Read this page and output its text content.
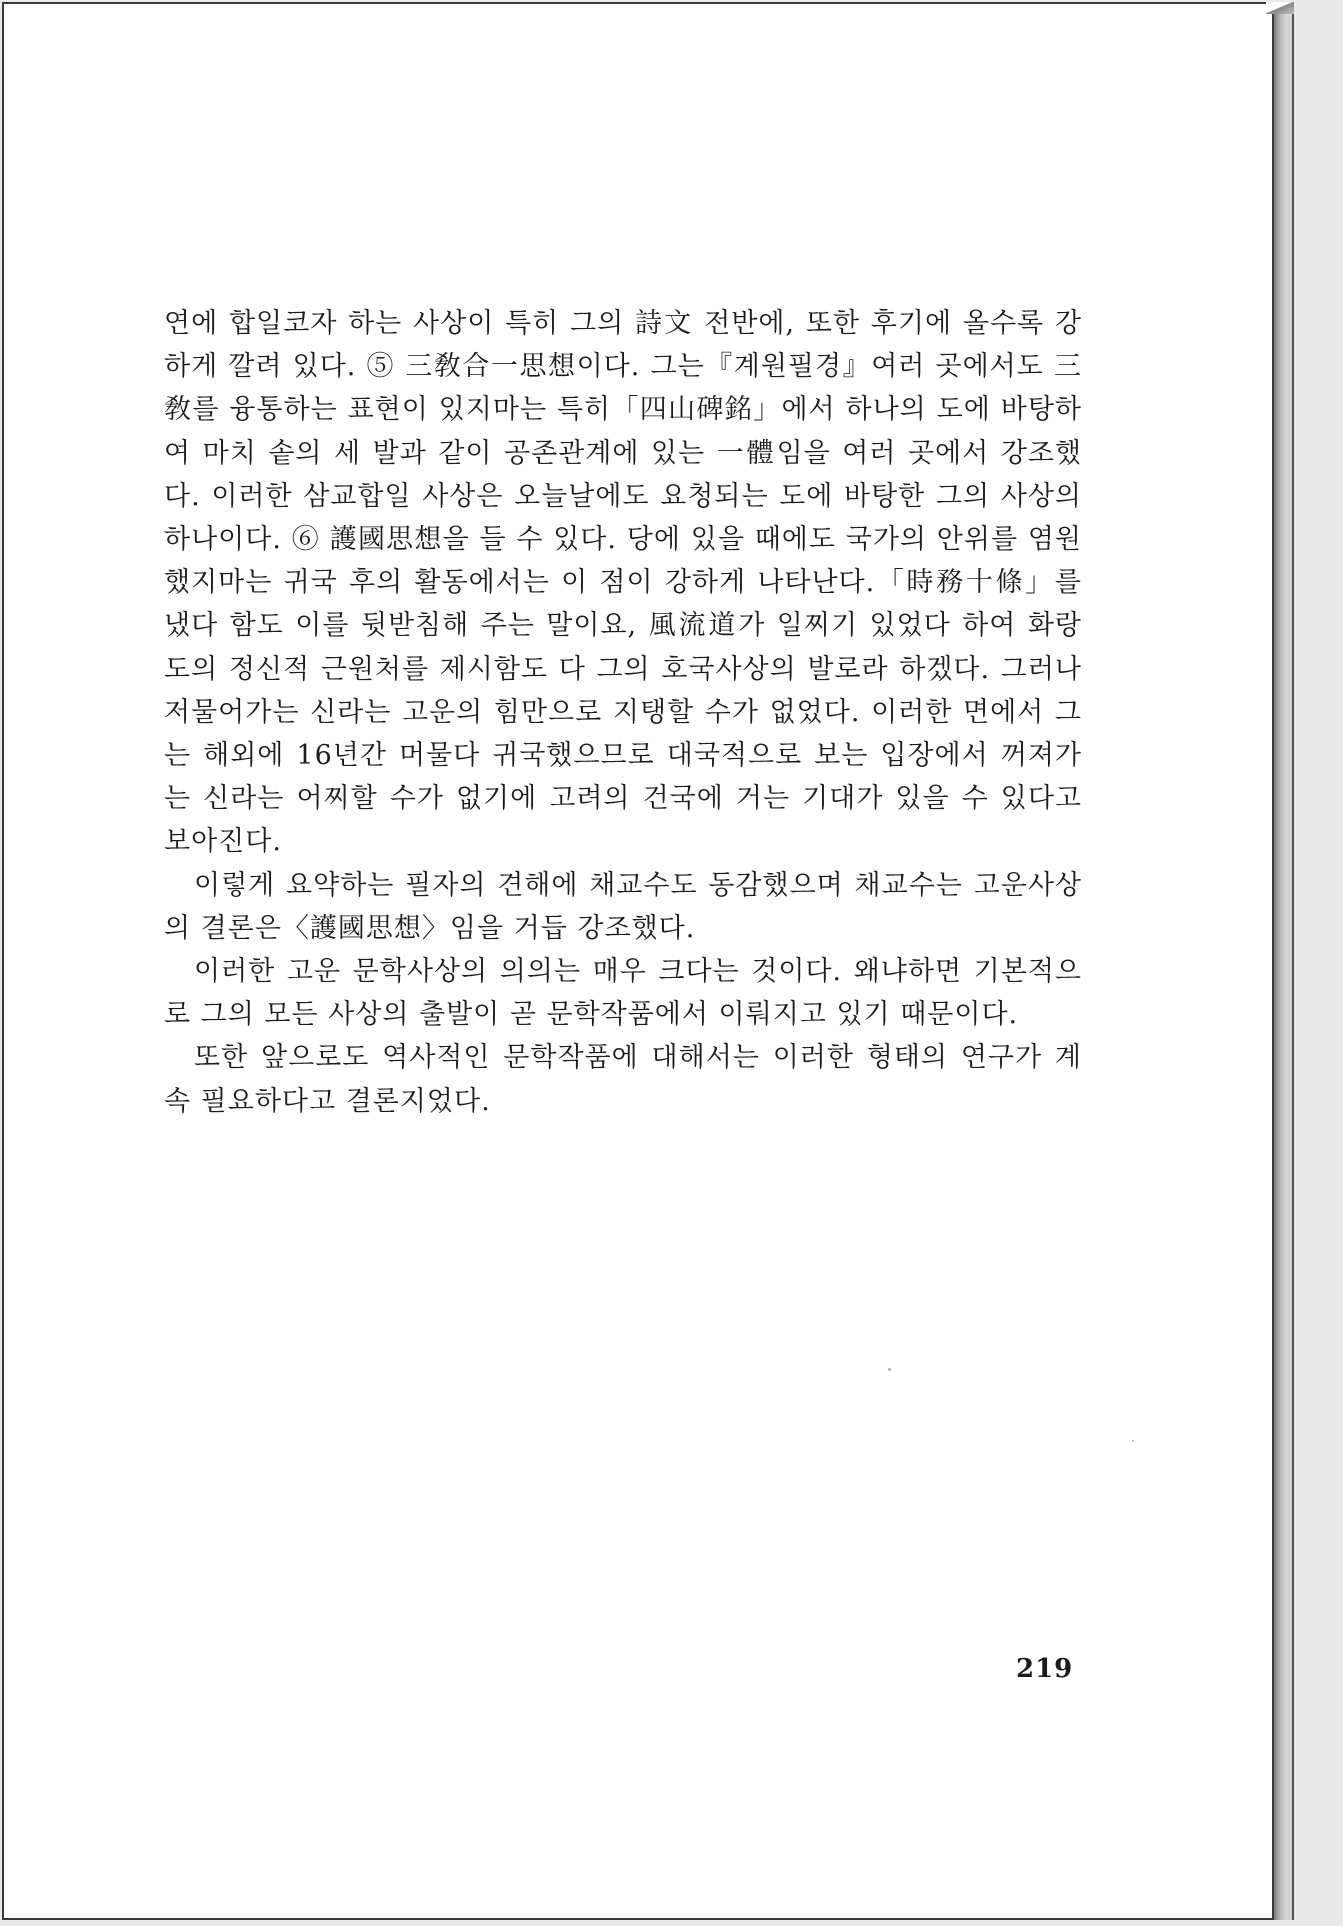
연에 합일코자 하는 사상이 특히 그의 詩文 전반에, 또한 후기에 올수록 강하게 깔려 있다. ⑤ 三敎合一思想이다. 그는『계원필경』여러 곳에서도 三敎를 융통하는 표현이 있지마는 특히「四山碑銘」에서 하나의 도에 바탕하여 마치 솥의 세 발과 같이 공존관계에 있는 一體임을 여러 곳에서 강조했다. 이러한 삼교합일 사상은 오늘날에도 요청되는 도에 바탕한 그의 사상의 하나이다. ⑥ 護國思想을 들 수 있다. 당에 있을 때에도 국가의 안위를 염원했지마는 귀국 후의 활동에서는 이 점이 강하게 나타난다.「時務十條」를 냈다 함도 이를 뒷받침해 주는 말이요, 風流道가 일찌기 있었다 하여 화랑도의 정신적 근원처를 제시함도 다 그의 호국사상의 발로라 하겠다. 그러나 저물어가는 신라는 고운의 힘만으로 지탱할 수가 없었다. 이러한 면에서 그는 해외에 16년간 머물다 귀국했으므로 대국적으로 보는 입장에서 꺼져가는 신라는 어찌할 수가 없기에 고려의 건국에 거는 기대가 있을 수 있다고 보아진다.

이렇게 요약하는 필자의 견해에 채교수도 동감했으며 채교수는 고운사상의 결론은〈護國思想〉임을 거듭 강조했다.

이러한 고운 문학사상의 의의는 매우 크다는 것이다. 왜냐하면 기본적으로 그의 모든 사상의 출발이 곧 문학작품에서 이뤄지고 있기 때문이다.

또한 앞으로도 역사적인 문학작품에 대해서는 이러한 형태의 연구가 계속 필요하다고 결론지었다.

219
